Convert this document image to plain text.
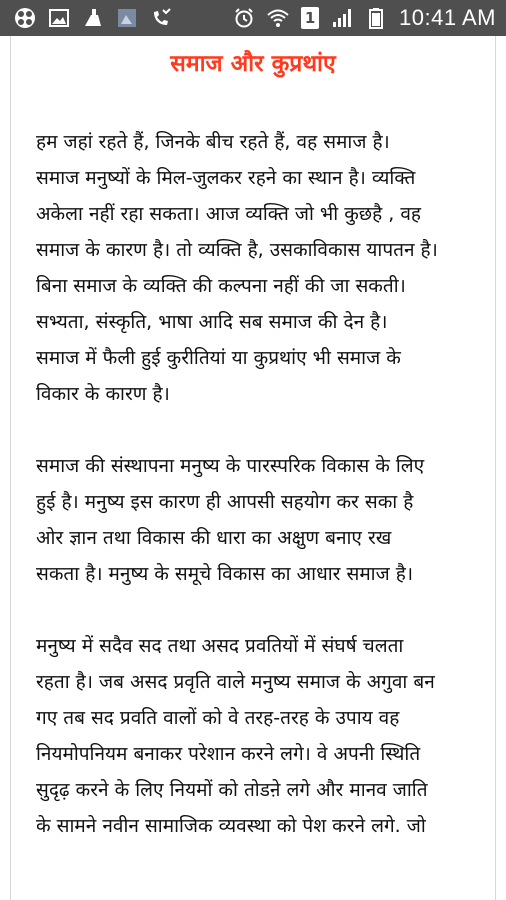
1	10:41 AM
समाज और कुप्रथांए
हम जहां रहते हैं, जिनके बीच रहते हैं, वह समाज है।
समाज मनुष्यों के मिल-जुलकर रहने का स्थान है। व्यक्ति
अकेला नहीं रहा सकता। आज व्यक्ति जो भी कुछहै , वह
समाज के कारण है। तो व्यक्ति है, उसकाविकास यापतन है।
बिना समाज के व्यक्ति की कल्पना नहीं की जा सकती।
सभ्यता, संस्कृति, भाषा आदि सब समाज की देन है।
समाज में फैली हुई कुरीतियां या कुप्रथांए भी समाज के
विकार के कारण है।
समाज की संस्थापना मनुष्य के पारस्परिक विकास के लिए
हुई है। मनुष्य इस कारण ही आपसी सहयोग कर सका है
ओर ज्ञान तथा विकास की धारा का अक्षुण बनाए रख
सकता है। मनुष्य के समूचे विकास का आधार समाज है।
मनुष्य में सदैव सद तथा असद प्रवतियों में संघर्ष चलता
रहता है। जब असद प्रवृति वाले मनुष्य समाज के अगुवा बन
गए तब सद प्रवति वालों को वे तरह-तरह के उपाय वह
नियमोपनियम बनाकर परेशान करने लगे। वे अपनी स्थिति
सुदृढ़ करने के लिए नियमों को तोडऩे लगे और मानव जाति
के सामने नवीन सामाजिक व्यवस्था को पेश करने लगे. जो
